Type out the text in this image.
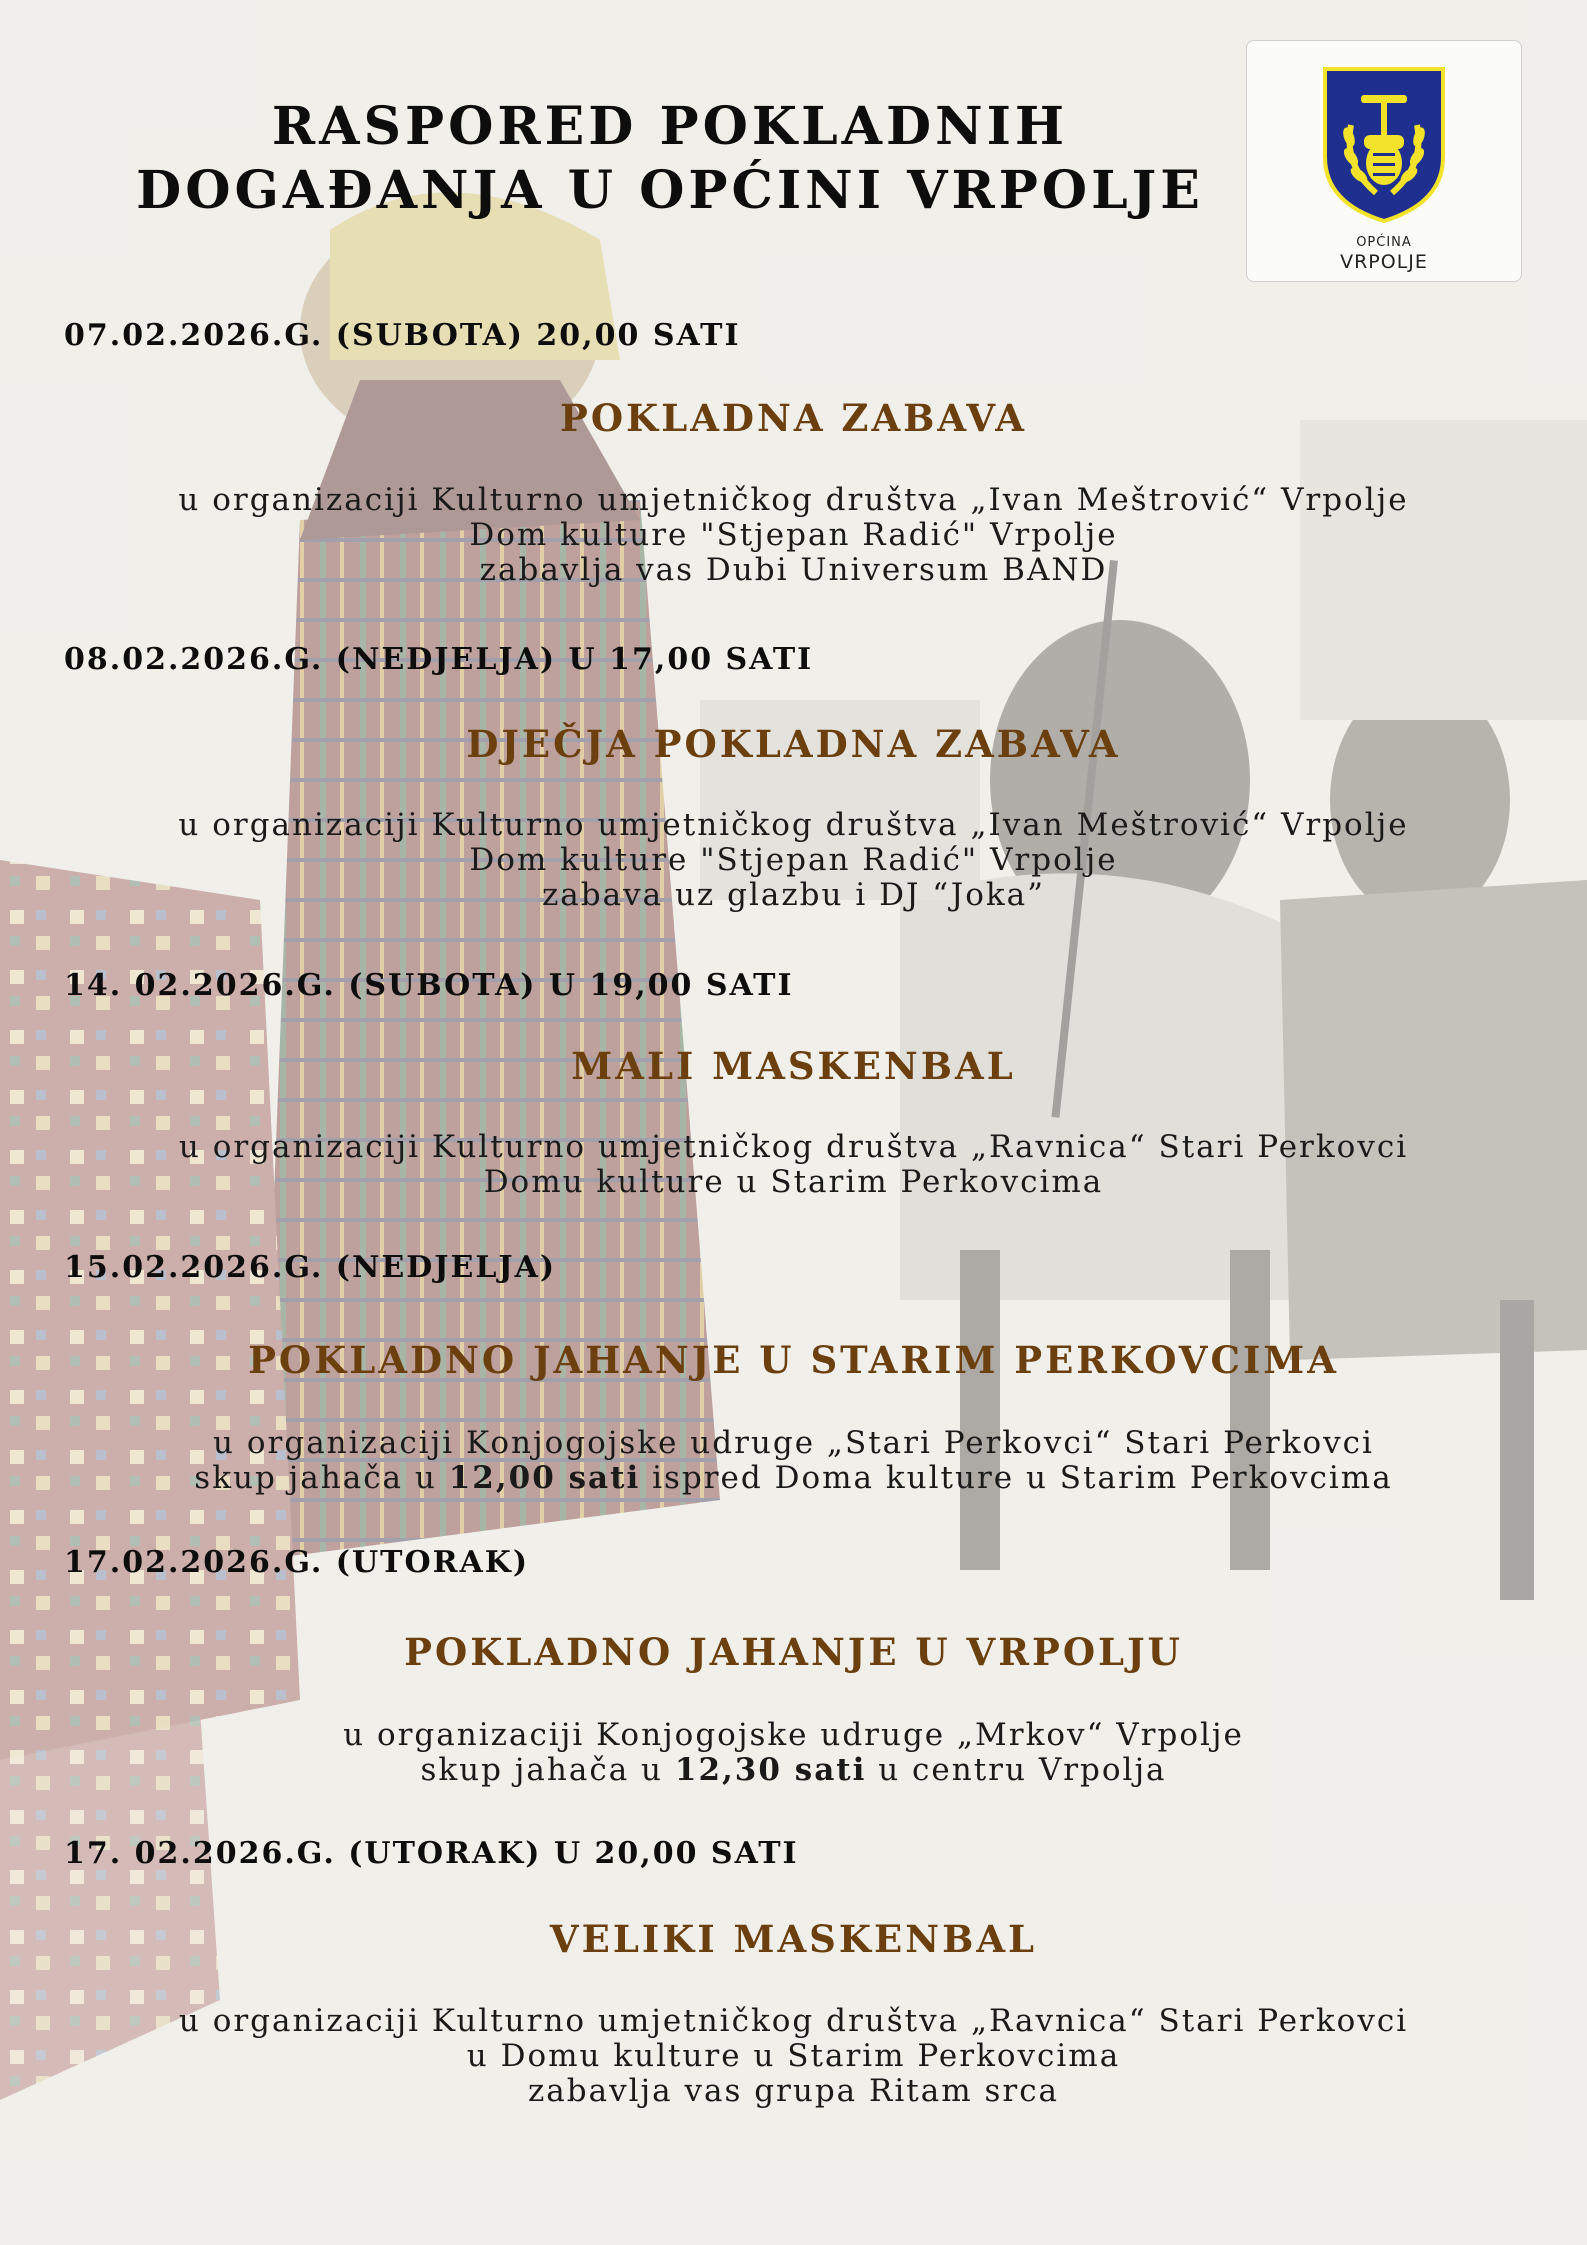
RASPORED POKLADNIH
DOGAĐANJA U OPĆINI VRPOLJE
OPĆINA
VRPOLJE
07.02.2026.G. (SUBOTA) 20,00 SATI
POKLADNA ZABAVA
u organizaciji Kulturno umjetničkog društva „Ivan Meštrović“ Vrpolje
Dom kulture "Stjepan Radić" Vrpolje
zabavlja vas Dubi Universum BAND
08.02.2026.G. (NEDJELJA) U 17,00 SATI
DJEČJA POKLADNA ZABAVA
u organizaciji Kulturno umjetničkog društva „Ivan Meštrović“ Vrpolje
Dom kulture "Stjepan Radić" Vrpolje
zabava uz glazbu i DJ “Joka”
14. 02.2026.G. (SUBOTA) U 19,00 SATI
MALI MASKENBAL
u organizaciji Kulturno umjetničkog društva „Ravnica“ Stari Perkovci
Domu kulture u Starim Perkovcima
15.02.2026.G. (NEDJELJA)
POKLADNO JAHANJE U STARIM PERKOVCIMA
u organizaciji Konjogojske udruge „Stari Perkovci“ Stari Perkovci
skup jahača u 12,00 sati ispred Doma kulture u Starim Perkovcima
17.02.2026.G. (UTORAK)
POKLADNO JAHANJE U VRPOLJU
u organizaciji Konjogojske udruge „Mrkov“ Vrpolje
skup jahača u 12,30 sati u centru Vrpolja
17. 02.2026.G. (UTORAK) U 20,00 SATI
VELIKI MASKENBAL
u organizaciji Kulturno umjetničkog društva „Ravnica“ Stari Perkovci
u Domu kulture u Starim Perkovcima
zabavlja vas grupa Ritam srca
